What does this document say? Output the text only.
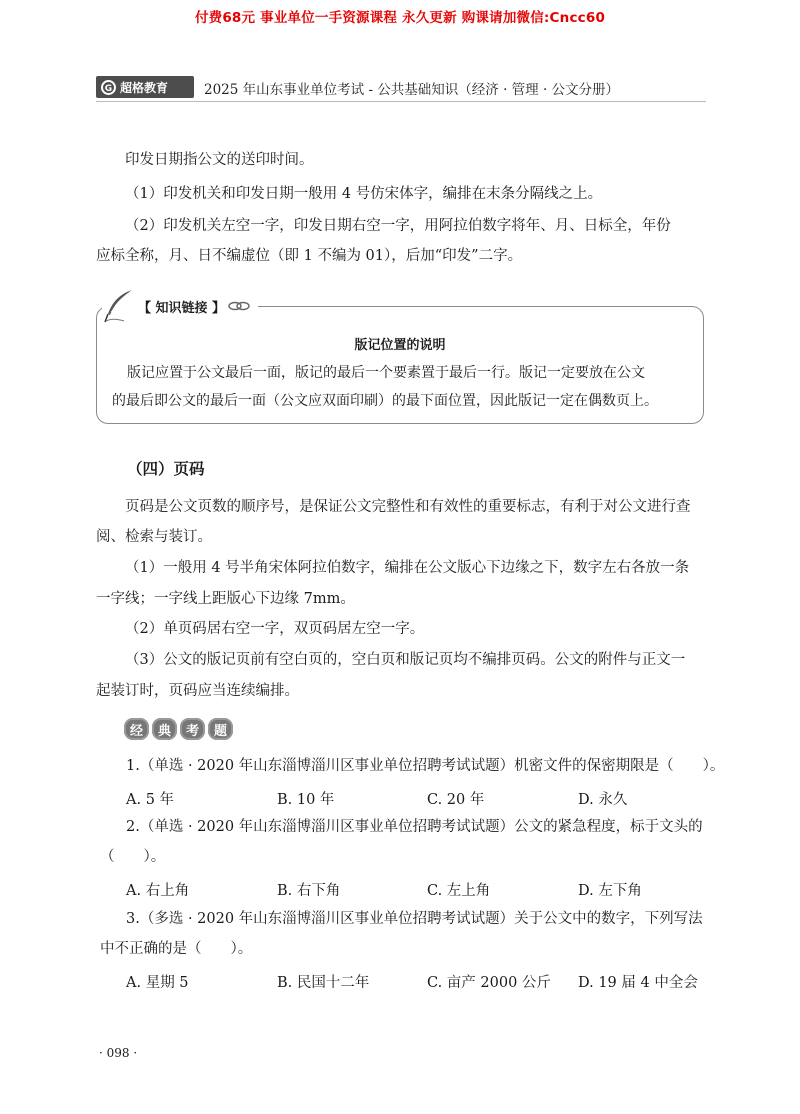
付费68元 事业单位一手资源课程 永久更新 购课请加微信:Cncc60
G 超格教育	2025 年山东事业单位考试 - 公共基础知识（经济 · 管理 · 公文分册）
印发日期指公文的送印时间。
（1）印发机关和印发日期一般用 4 号仿宋体字，编排在末条分隔线之上。
（2）印发机关左空一字，印发日期右空一字，用阿拉伯数字将年、月、日标全，年份
应标全称，月、日不编虚位（即 1 不编为 01），后加“印发”二字。
【 知识链接 】
版记位置的说明
版记应置于公文最后一面，版记的最后一个要素置于最后一行。版记一定要放在公文
的最后即公文的最后一面（公文应双面印刷）的最下面位置，因此版记一定在偶数页上。
（四）页码
页码是公文页数的顺序号，是保证公文完整性和有效性的重要标志，有利于对公文进行查
阅、检索与装订。
（1）一般用 4 号半角宋体阿拉伯数字，编排在公文版心下边缘之下，数字左右各放一条
一字线；一字线上距版心下边缘 7mm。
（2）单页码居右空一字，双页码居左空一字。
（3）公文的版记页前有空白页的，空白页和版记页均不编排页码。公文的附件与正文一
起装订时，页码应当连续编排。
经	典	考	题
1.（单选 · 2020 年山东淄博淄川区事业单位招聘考试试题）机密文件的保密期限是（　　）。
A. 5 年	B. 10 年	C. 20 年	D. 永久
2.（单选 · 2020 年山东淄博淄川区事业单位招聘考试试题）公文的紧急程度，标于文头的
（　　）。
A. 右上角	B. 右下角	C. 左上角	D. 左下角
3.（多选 · 2020 年山东淄博淄川区事业单位招聘考试试题）关于公文中的数字，下列写法
中不正确的是（　　）。
A. 星期 5	B. 民国十二年	C. 亩产 2000 公斤 D. 19 届 4 中全会
· 098 ·
